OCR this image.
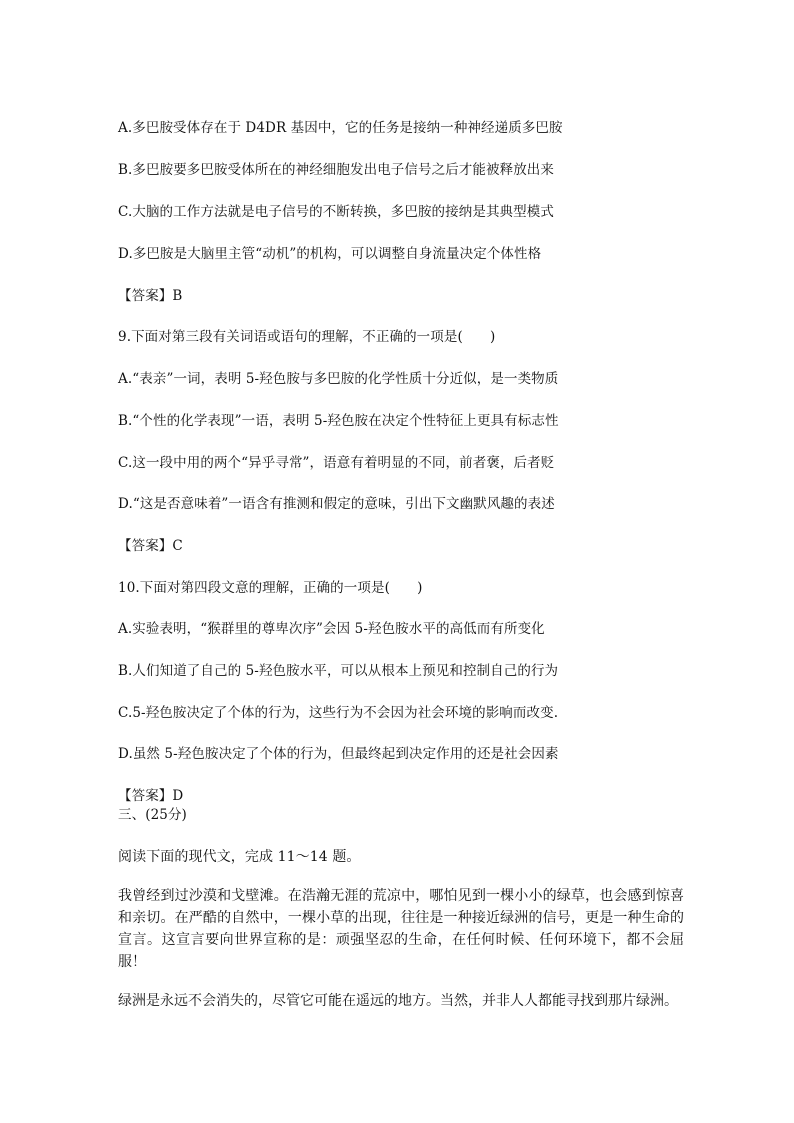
A.多巴胺受体存在于 D4DR 基因中，它的任务是接纳一种神经递质多巴胺
B.多巴胺要多巴胺受体所在的神经细胞发出电子信号之后才能被释放出来
C.大脑的工作方法就是电子信号的不断转换，多巴胺的接纳是其典型模式
D.多巴胺是大脑里主管“动机”的机构，可以调整自身流量决定个体性格
【答案】B
9.下面对第三段有关词语或语句的理解，不正确的一项是(　　)
A.“表亲”一词，表明 5-羟色胺与多巴胺的化学性质十分近似，是一类物质
B.“个性的化学表现”一语，表明 5-羟色胺在决定个性特征上更具有标志性
C.这一段中用的两个“异乎寻常”，语意有着明显的不同，前者褒，后者贬
D.“这是否意味着”一语含有推测和假定的意味，引出下文幽默风趣的表述
【答案】C
10.下面对第四段文意的理解，正确的一项是(　　)
A.实验表明，“猴群里的尊卑次序”会因 5-羟色胺水平的高低而有所变化
B.人们知道了自己的 5-羟色胺水平，可以从根本上预见和控制自己的行为
C.5-羟色胺决定了个体的行为，这些行为不会因为社会环境的影响而改变.
D.虽然 5-羟色胺决定了个体的行为，但最终起到决定作用的还是社会因素
【答案】D
三、(25分)
阅读下面的现代文，完成 11～14 题。
我曾经到过沙漠和戈壁滩。在浩瀚无涯的荒凉中，哪怕见到一棵小小的绿草，也会感到惊喜和亲切。在严酷的自然中，一棵小草的出现，往往是一种接近绿洲的信号，更是一种生命的宣言。这宣言要向世界宣称的是：顽强坚忍的生命，在任何时候、任何环境下，都不会屈服！
绿洲是永远不会消失的，尽管它可能在遥远的地方。当然，并非人人都能寻找到那片绿洲。
